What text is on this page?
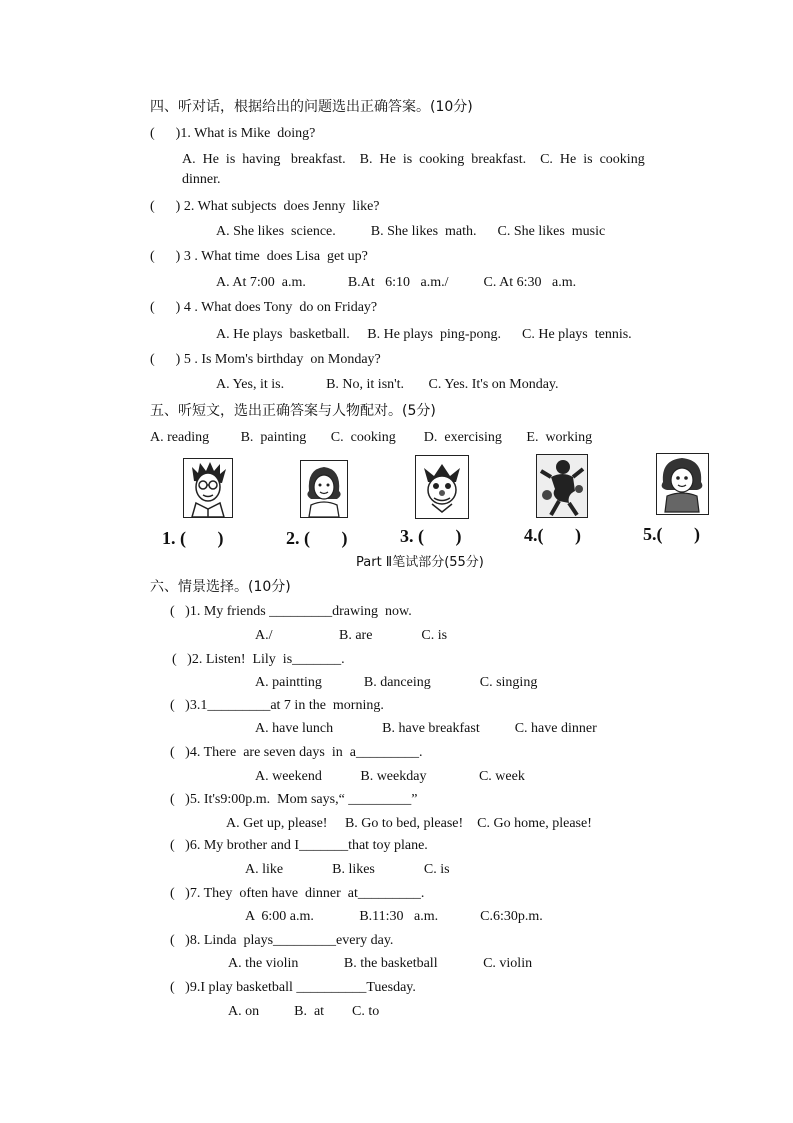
四、听对话，根据给出的问题选出正确答案。(10分)
(      )1. What is Mike  doing?
A.  He  is  having   breakfast.    B.  He  is  cooking  breakfast.    C.  He  is  cooking
dinner.
(      ) 2. What subjects  does Jenny  like?
A. She likes  science.          B. She likes  math.      C. She likes  music
(      ) 3 . What time  does Lisa  get up?
A. At 7:00  a.m.            B.At   6:10   a.m./          C. At 6:30   a.m.
(      ) 4 . What does Tony  do on Friday?
A. He plays  basketball.     B. He plays  ping-pong.      C. He plays  tennis.
(      ) 5 . Is Mom's birthday  on Monday?
A. Yes, it is.            B. No, it isn't.       C. Yes. It's on Monday.
五、听短文，选出正确答案与人物配对。(5分)
A. reading         B.  painting       C.  cooking        D.  exercising       E.  working
1. (       )	2. (       )	3. (       )	4.(       )	5.(       )
Part Ⅱ笔试部分(55分)
六、情景选择。(10分)
(   )1. My friends _________drawing  now.
A./                   B. are              C. is
(   )2. Listen!  Lily  is_______.
A. paintting            B. danceing              C. singing
(   )3.1_________at 7 in the  morning.
A. have lunch              B. have breakfast          C. have dinner
(   )4. There  are seven days  in  a_________.
A. weekend           B. weekday               C. week
(   )5. It's9:00p.m.  Mom says,“ _________”
A. Get up, please!     B. Go to bed, please!    C. Go home, please!
(   )6. My brother and I_______that toy plane.
A. like              B. likes              C. is
(   )7. They  often have  dinner  at_________.
A  6:00 a.m.             B.11:30   a.m.            C.6:30p.m.
(   )8. Linda  plays_________every day.
A. the violin             B. the basketball             C. violin
(   )9.I play basketball __________Tuesday.
A. on          B.  at        C. to
